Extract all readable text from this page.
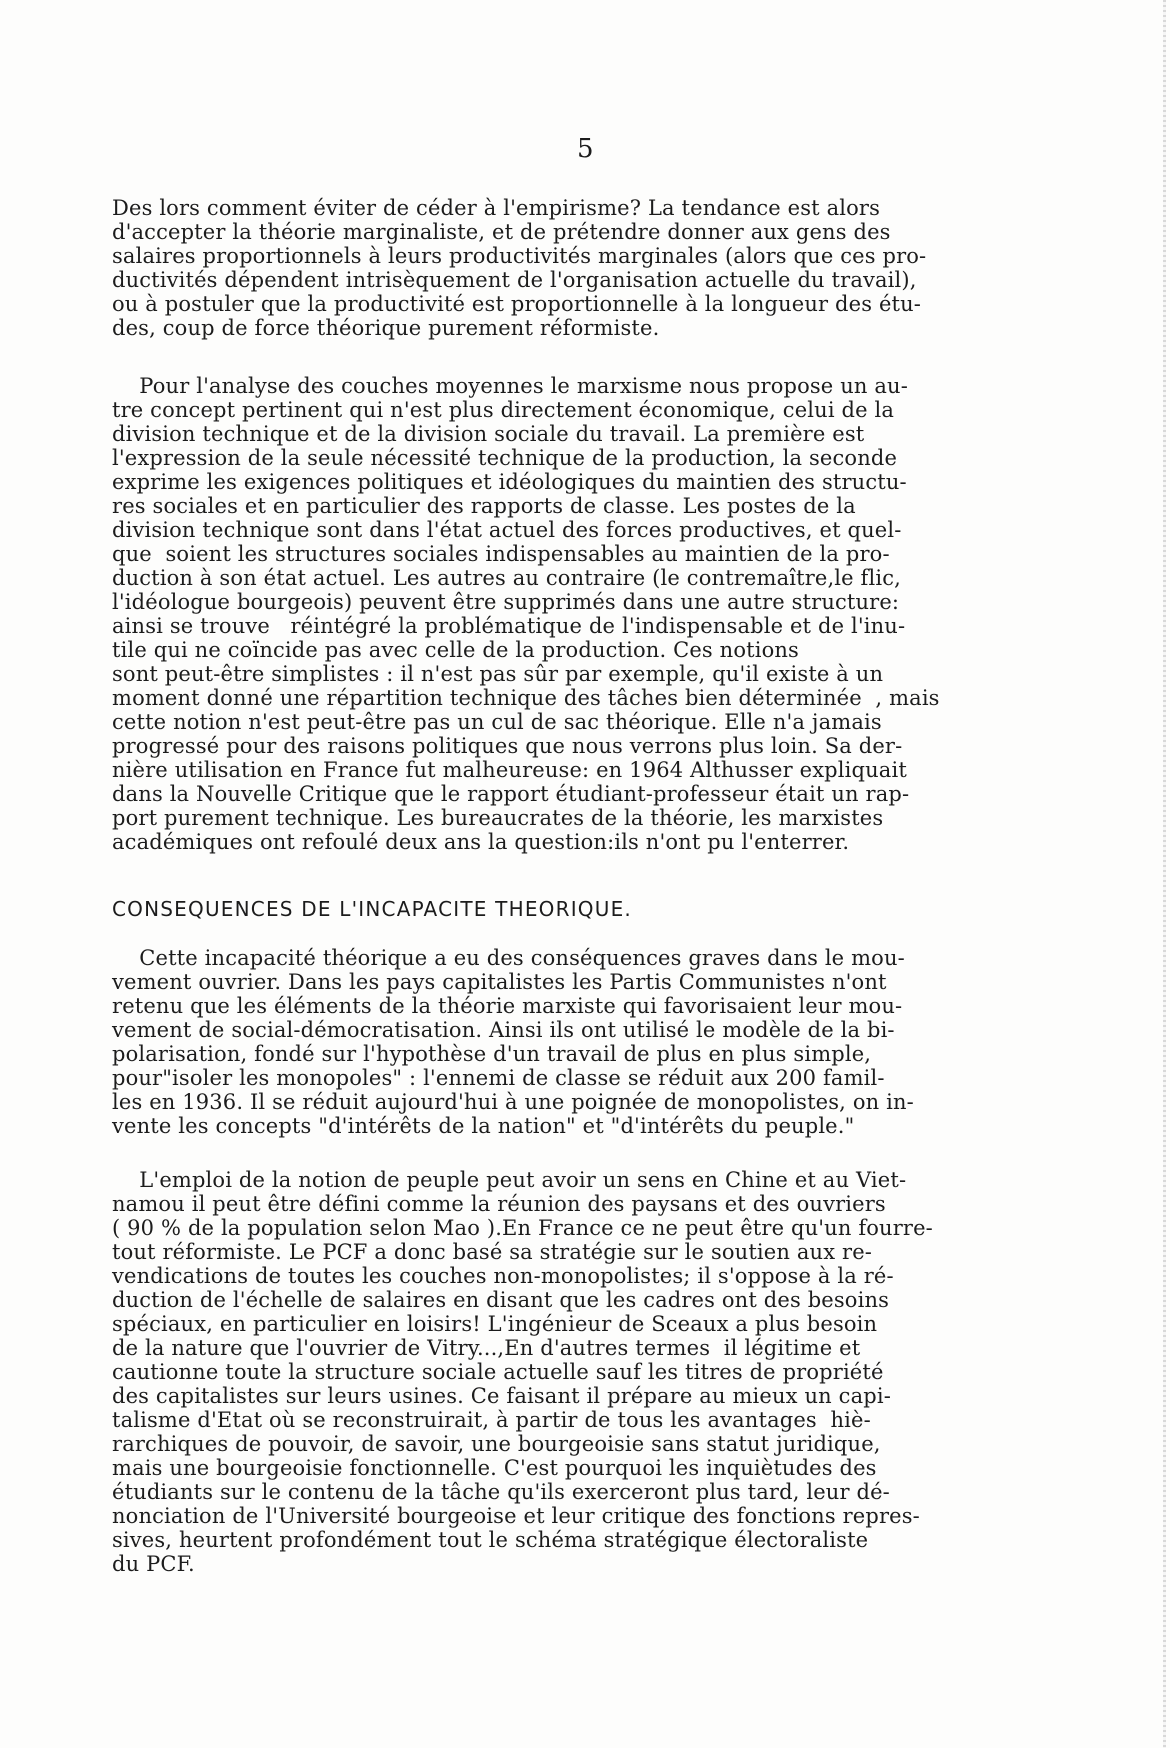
5
Des lors comment éviter de céder à l'empirisme? La tendance est alors
d'accepter la théorie marginaliste, et de prétendre donner aux gens des
salaires proportionnels à leurs productivités marginales (alors que ces pro-
ductivités dépendent intrisèquement de l'organisation actuelle du travail),
ou à postuler que la productivité est proportionnelle à la longueur des étu-
des, coup de force théorique purement réformiste.
Pour l'analyse des couches moyennes le marxisme nous propose un au-
tre concept pertinent qui n'est plus directement économique, celui de la
division technique et de la division sociale du travail. La première est
l'expression de la seule nécessité technique de la production, la seconde
exprime les exigences politiques et idéologiques du maintien des structu-
res sociales et en particulier des rapports de classe. Les postes de la
division technique sont dans l'état actuel des forces productives, et quel-
que  soient les structures sociales indispensables au maintien de la pro-
duction à son état actuel. Les autres au contraire (le contremaître,le flic,
l'idéologue bourgeois) peuvent être supprimés dans une autre structure:
ainsi se trouve   réintégré la problématique de l'indispensable et de l'inu-
tile qui ne coïncide pas avec celle de la production. Ces notions
sont peut-être simplistes : il n'est pas sûr par exemple, qu'il existe à un
moment donné une répartition technique des tâches bien déterminée  , mais
cette notion n'est peut-être pas un cul de sac théorique. Elle n'a jamais
progressé pour des raisons politiques que nous verrons plus loin. Sa der-
nière utilisation en France fut malheureuse: en 1964 Althusser expliquait
dans la Nouvelle Critique que le rapport étudiant-professeur était un rap-
port purement technique. Les bureaucrates de la théorie, les marxistes
académiques ont refoulé deux ans la question:ils n'ont pu l'enterrer.
CONSEQUENCES DE L'INCAPACITE THEORIQUE.
Cette incapacité théorique a eu des conséquences graves dans le mou-
vement ouvrier. Dans les pays capitalistes les Partis Communistes n'ont
retenu que les éléments de la théorie marxiste qui favorisaient leur mou-
vement de social-démocratisation. Ainsi ils ont utilisé le modèle de la bi-
polarisation, fondé sur l'hypothèse d'un travail de plus en plus simple,
pour"isoler les monopoles" : l'ennemi de classe se réduit aux 200 famil-
les en 1936. Il se réduit aujourd'hui à une poignée de monopolistes, on in-
vente les concepts "d'intérêts de la nation" et "d'intérêts du peuple."
L'emploi de la notion de peuple peut avoir un sens en Chine et au Viet-
namou il peut être défini comme la réunion des paysans et des ouvriers
( 90 % de la population selon Mao ).En France ce ne peut être qu'un fourre-
tout réformiste. Le PCF a donc basé sa stratégie sur le soutien aux re-
vendications de toutes les couches non-monopolistes; il s'oppose à la ré-
duction de l'échelle de salaires en disant que les cadres ont des besoins
spéciaux, en particulier en loisirs! L'ingénieur de Sceaux a plus besoin
de la nature que l'ouvrier de Vitry...,En d'autres termes  il légitime et
cautionne toute la structure sociale actuelle sauf les titres de propriété
des capitalistes sur leurs usines. Ce faisant il prépare au mieux un capi-
talisme d'Etat où se reconstruirait, à partir de tous les avantages  hiè-
rarchiques de pouvoir, de savoir, une bourgeoisie sans statut juridique,
mais une bourgeoisie fonctionnelle. C'est pourquoi les inquiètudes des
étudiants sur le contenu de la tâche qu'ils exerceront plus tard, leur dé-
nonciation de l'Université bourgeoise et leur critique des fonctions repres-
sives, heurtent profondément tout le schéma stratégique électoraliste
du PCF.
